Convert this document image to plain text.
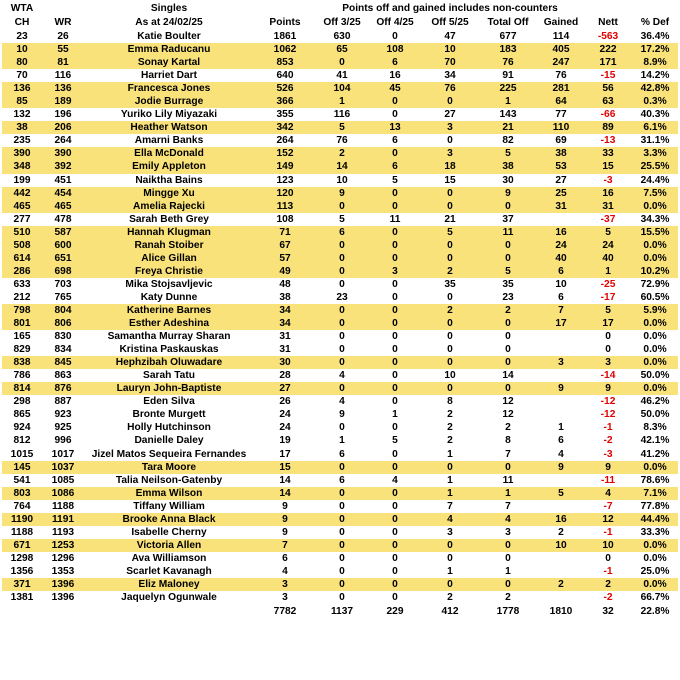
WTA		Singles		Points off and gained includes non-counters						
CH	WR	As at 24/02/25	Points	Off 3/25	Off 4/25	Off 5/25	Total Off	Gained	Nett	% Def
23	26	Katie Boulter	1861	630	0	47	677	114	-563	36.4%
10	55	Emma Raducanu	1062	65	108	10	183	405	222	17.2%
80	81	Sonay Kartal	853	0	6	70	76	247	171	8.9%
70	116	Harriet Dart	640	41	16	34	91	76	-15	14.2%
136	136	Francesca Jones	526	104	45	76	225	281	56	42.8%
85	189	Jodie Burrage	366	1	0	0	1	64	63	0.3%
132	196	Yuriko Lily Miyazaki	355	116	0	27	143	77	-66	40.3%
38	206	Heather Watson	342	5	13	3	21	110	89	6.1%
235	264	Amarni Banks	264	76	6	0	82	69	-13	31.1%
390	390	Ella McDonald	152	2	0	3	5	38	33	3.3%
348	392	Emily Appleton	149	14	6	18	38	53	15	25.5%
199	451	Naiktha Bains	123	10	5	15	30	27	-3	24.4%
442	454	Mingge Xu	120	9	0	0	9	25	16	7.5%
465	465	Amelia Rajecki	113	0	0	0	0	31	31	0.0%
277	478	Sarah Beth Grey	108	5	11	21	37		-37	34.3%
510	587	Hannah Klugman	71	6	0	5	11	16	5	15.5%
508	600	Ranah Stoiber	67	0	0	0	0	24	24	0.0%
614	651	Alice Gillan	57	0	0	0	0	40	40	0.0%
286	698	Freya Christie	49	0	3	2	5	6	1	10.2%
633	703	Mika Stojsavljevic	48	0	0	35	35	10	-25	72.9%
212	765	Katy Dunne	38	23	0	0	23	6	-17	60.5%
798	804	Katherine Barnes	34	0	0	2	2	7	5	5.9%
801	806	Esther Adeshina	34	0	0	0	0	17	17	0.0%
165	830	Samantha Murray Sharan	31	0	0	0	0		0	0.0%
829	834	Kristina Paskauskas	31	0	0	0	0		0	0.0%
838	845	Hephzibah Oluwadare	30	0	0	0	0	3	3	0.0%
786	863	Sarah Tatu	28	4	0	10	14		-14	50.0%
814	876	Lauryn John-Baptiste	27	0	0	0	0	9	9	0.0%
298	887	Eden Silva	26	4	0	8	12		-12	46.2%
865	923	Bronte Murgett	24	9	1	2	12		-12	50.0%
924	925	Holly Hutchinson	24	0	0	2	2	1	-1	8.3%
812	996	Danielle Daley	19	1	5	2	8	6	-2	42.1%
1015	1017	Jizel Matos Sequeira Fernandes	17	6	0	1	7	4	-3	41.2%
145	1037	Tara Moore	15	0	0	0	0	9	9	0.0%
541	1085	Talia Neilson-Gatenby	14	6	4	1	11		-11	78.6%
803	1086	Emma Wilson	14	0	0	1	1	5	4	7.1%
764	1188	Tiffany William	9	0	0	7	7		-7	77.8%
1190	1191	Brooke Anna Black	9	0	0	4	4	16	12	44.4%
1188	1193	Isabelle Cherny	9	0	0	3	3	2	-1	33.3%
671	1253	Victoria Allen	7	0	0	0	0	10	10	0.0%
1298	1296	Ava Williamson	6	0	0	0	0		0	0.0%
1356	1353	Scarlet Kavanagh	4	0	0	1	1		-1	25.0%
371	1396	Eliz Maloney	3	0	0	0	0	2	2	0.0%
1381	1396	Jaquelyn Ogunwale	3	0	0	2	2		-2	66.7%
			7782	1137	229	412	1778	1810	32	22.8%
